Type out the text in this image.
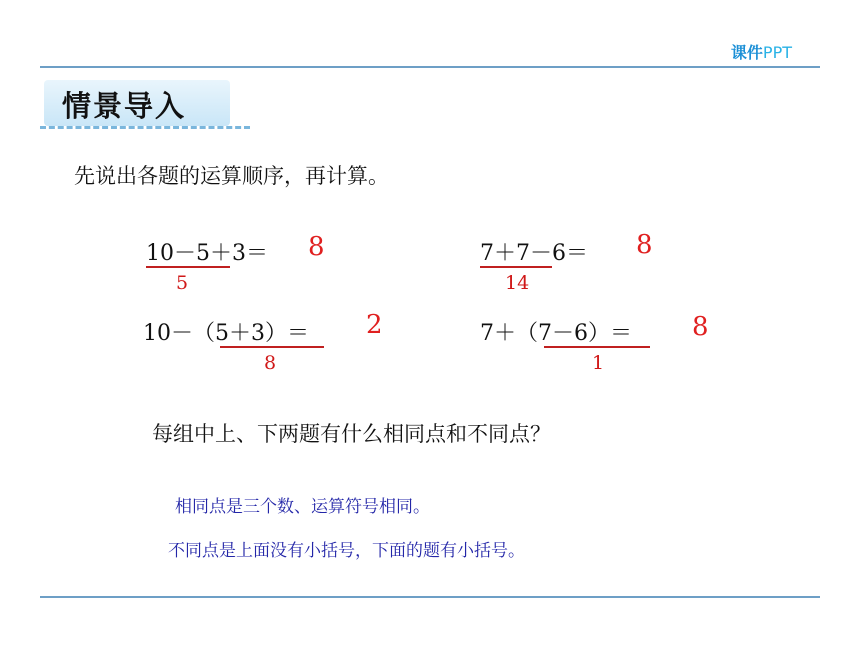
课件PPT
情景导入
先说出各题的运算顺序，再计算。
10－5＋3＝ 8
5
7＋7－6＝ 8
14
10－（5＋3）＝ 2
8
7＋（7－6）＝ 8
1
每组中上、下两题有什么相同点和不同点？
相同点是三个数、运算符号相同。
不同点是上面没有小括号，下面的题有小括号。
